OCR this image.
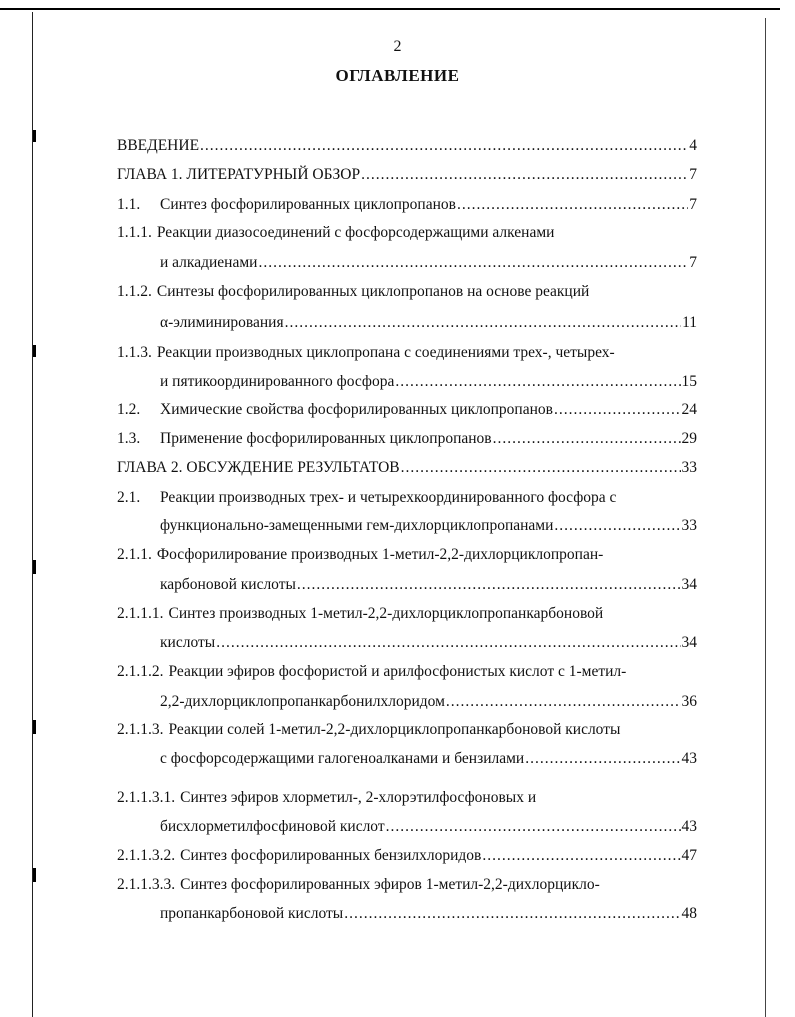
2
ОГЛАВЛЕНИЕ
ВВЕДЕНИЕ .....	4
ГЛАВА 1. ЛИТЕРАТУРНЫЙ ОБЗОР .....	7
1.1.	Синтез фосфорилированных циклопропанов .....	7
1.1.1. Реакции диазосоединений с фосфорсодержащими алкенами
и алкадиенами .....	7
1.1.2. Синтезы фосфорилированных циклопропанов на основе реакций
α-элиминирования .....	11
1.1.3. Реакции производных циклопропана с соединениями трех-, четырех-
и пятикоординированного фосфора .....	15
1.2.	Химические свойства фосфорилированных циклопропанов .....	24
1.3.	Применение фосфорилированных циклопропанов .....	29
ГЛАВА 2. ОБСУЖДЕНИЕ РЕЗУЛЬТАТОВ .....	33
2.1.	Реакции производных трех- и четырехкоординированного фосфора с
функционально-замещенными гем-дихлорциклопропанами .....	33
2.1.1. Фосфорилирование производных 1-метил-2,2-дихлорциклопропан-
карбоновой кислоты .....	34
2.1.1.1. Синтез производных 1-метил-2,2-дихлорциклопропанкарбоновой
кислоты .....	34
2.1.1.2. Реакции эфиров фосфористой и арилфосфонистых кислот с 1-метил-
2,2-дихлорциклопропанкарбонилхлоридом .....	36
2.1.1.3. Реакции солей 1-метил-2,2-дихлорциклопропанкарбоновой кислоты
с фосфорсодержащими галогеноалканами и бензилами .....	43
2.1.1.3.1. Синтез эфиров хлорметил-, 2-хлорэтилфосфоновых и
бисхлорметилфосфиновой кислот .....	43
2.1.1.3.2. Синтез фосфорилированных бензилхлоридов .....	47
2.1.1.3.3. Синтез фосфорилированных эфиров 1-метил-2,2-дихлорцикло-
пропанкарбоновой кислоты .....	48
